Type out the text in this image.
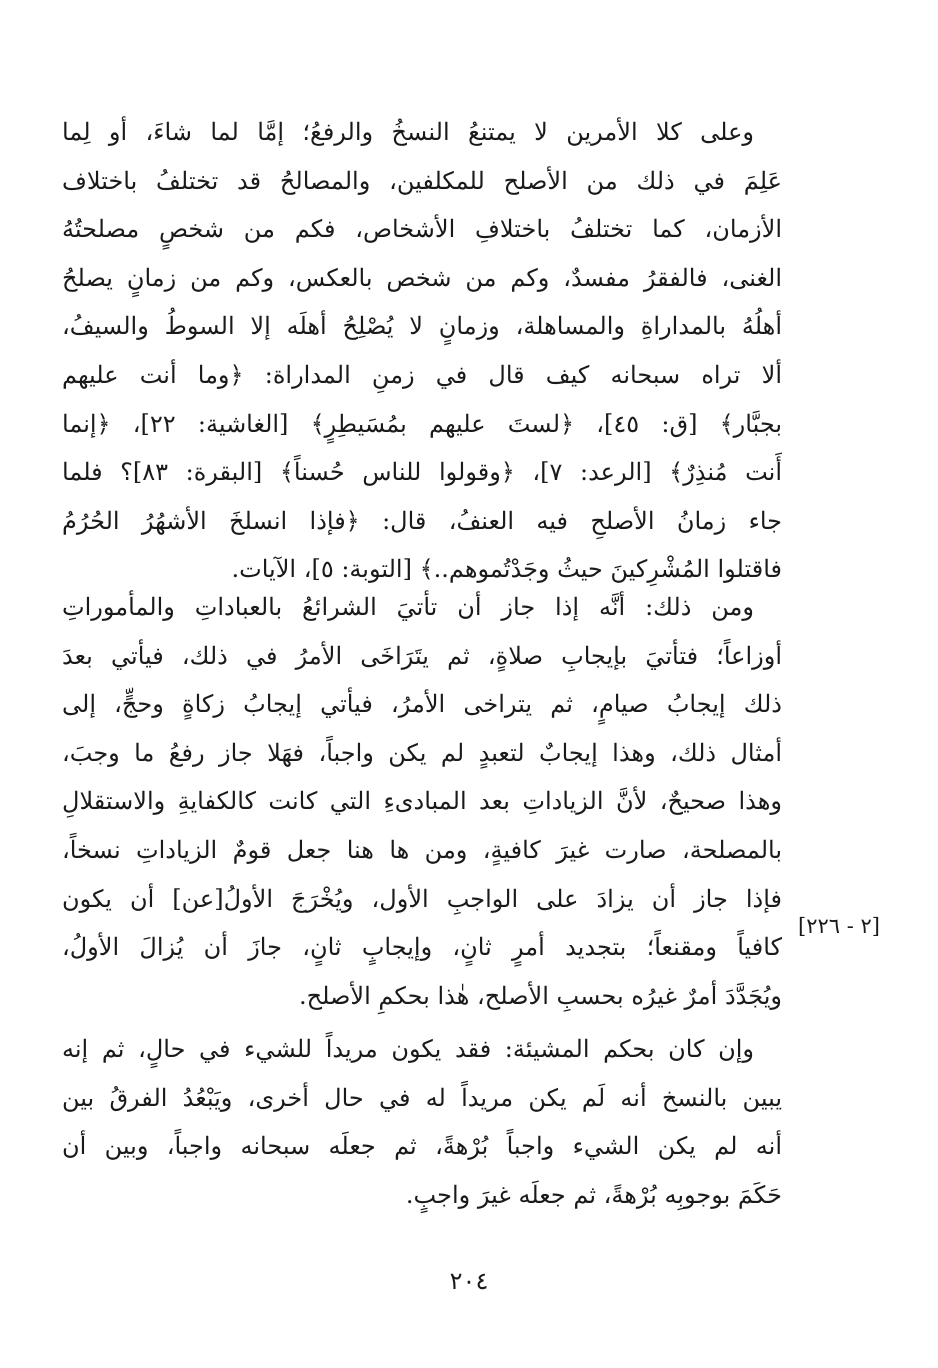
وعلى كلا الأمرين لا يمتنعُ النسخُ والرفعُ؛ إمَّا لما شاءَ، أو لِما
عَلِمَ في ذلك من الأصلح للمكلفين، والمصالحُ قد تختلفُ باختلاف
الأزمان، كما تختلفُ باختلافِ الأشخاص، فكم من شخصٍ مصلحتُهُ
الغنى، فالفقرُ مفسدٌ، وكم من شخص بالعكس، وكم من زمانٍ يصلحُ
أهلُهُ بالمداراةِ والمساهلة، وزمانٍ لا يُصْلِحُ أهلَه إلا السوطُ والسيفُ،
ألا تراه سبحانه كيف قال في زمنِ المداراة: ﴿وما أنت عليهم
بجبَّار﴾ [ق: ٤٥]، ﴿لستَ عليهم بمُسَيطِرٍ﴾ [الغاشية: ٢٢]، ﴿إنما
أَنت مُنذِرٌ﴾ [الرعد: ٧]، ﴿وقولوا للناس حُسناً﴾ [البقرة: ٨٣]؟ فلما
جاء زمانُ الأصلحِ فيه العنفُ، قال: ﴿فإذا انسلخَ الأشهُرُ الحُرُمُ
فاقتلوا المُشْرِكينَ حيثُ وجَدْتُموهم..﴾ [التوبة: ٥]، الآيات.
ومن ذلك: أنَّه إذا جاز أن تأتيَ الشرائعُ بالعباداتِ والمأموراتِ
أوزاعاً؛ فتأتيَ بإيجابِ صلاةٍ، ثم يتَرَاخَى الأمرُ في ذلك، فيأتي بعدَ
ذلك إيجابُ صيامٍ، ثم يتراخى الأمرُ، فيأتي إيجابُ زكاةٍ وحجٍّ، إلى
أمثال ذلك، وهذا إيجابٌ لتعبدٍ لم يكن واجباً، فهَلا جاز رفعُ ما وجبَ،
وهذا صحيحٌ، لأنَّ الزياداتِ بعد المبادىءِ التي كانت كالكفايةِ والاستقلالِ
بالمصلحة، صارت غيرَ كافيةٍ، ومن ها هنا جعل قومٌ الزياداتِ نسخاً،
فإذا جاز أن يزادَ على الواجبِ الأول، ويُخْرَجَ الأولُ[عن] أن يكون
كافياً ومقنعاً؛ بتجديد أمرٍ ثانٍ، وإيجابٍ ثانٍ، جازَ أن يُزالَ الأولُ،
ويُجَدَّدَ أمرٌ غيرُه بحسبِ الأصلح، هٰذا بحكمِ الأصلح.
[٢ - ٢٢٦]
وإن كان بحكم المشيئة: فقد يكون مريداً للشيء في حالٍ، ثم إنه
يبين بالنسخ أنه لَم يكن مريداً له في حال أخرى، ويَبْعُدُ الفرقُ بين
أنه لم يكن الشيء واجباً بُرْهةً، ثم جعلَه سبحانه واجباً، وبين أن
حَكَمَ بوجوبِه بُرْهةً، ثم جعلَه غيرَ واجبٍ.
٢٠٤
